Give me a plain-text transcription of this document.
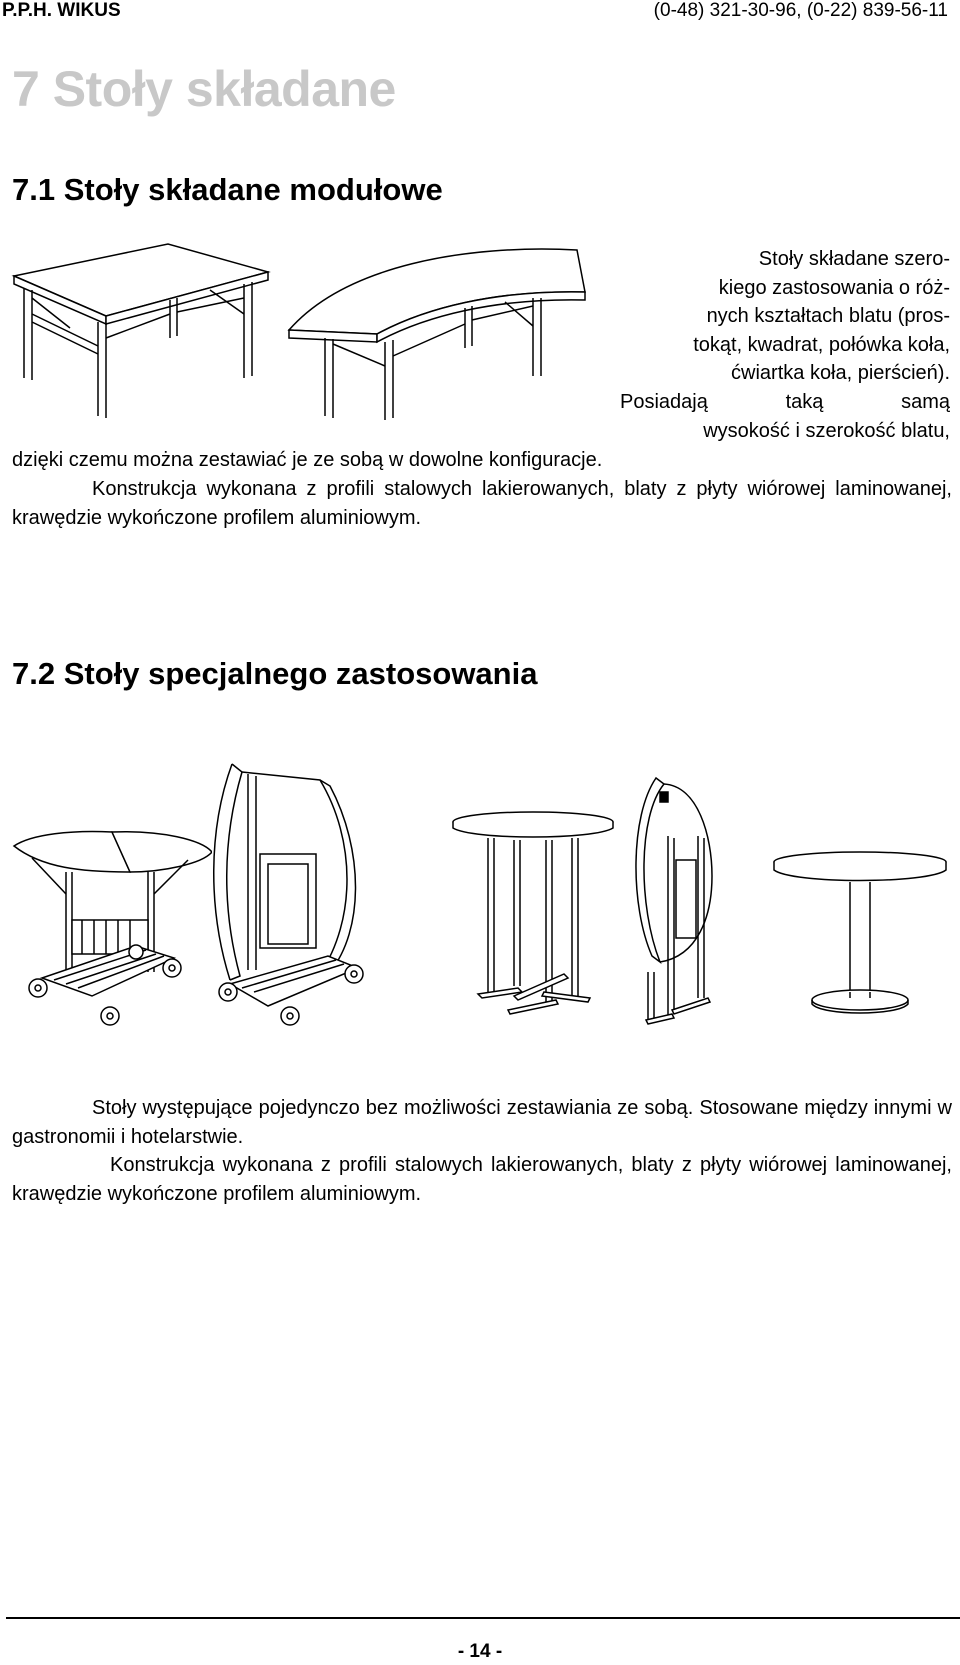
P.P.H. WIKUS	(0-48) 321-30-96, (0-22) 839-56-11
7 Stoły składane
7.1 Stoły składane modułowe
Stoły składane szero-
kiego zastosowania o róż-
nych kształtach blatu (pros-
tokąt, kwadrat, połówka koła,
ćwiartka koła, pierścień).
Posiadają taką samą
wysokość i szerokość blatu,

dzięki czemu można zestawiać je ze sobą w dowolne konfiguracje.

Konstrukcja wykonana z profili stalowych lakierowanych, blaty z płyty wiórowej laminowanej, krawędzie wykończone profilem aluminiowym.

7.2 Stoły specjalnego zastosowania

Stoły występujące pojedynczo bez możliwości zestawiania ze sobą. Stosowane między innymi w gastronomii i hotelarstwie.

Konstrukcja wykonana z profili stalowych lakierowanych, blaty z płyty wiórowej laminowanej, krawędzie wykończone profilem aluminiowym.

- 14 -
